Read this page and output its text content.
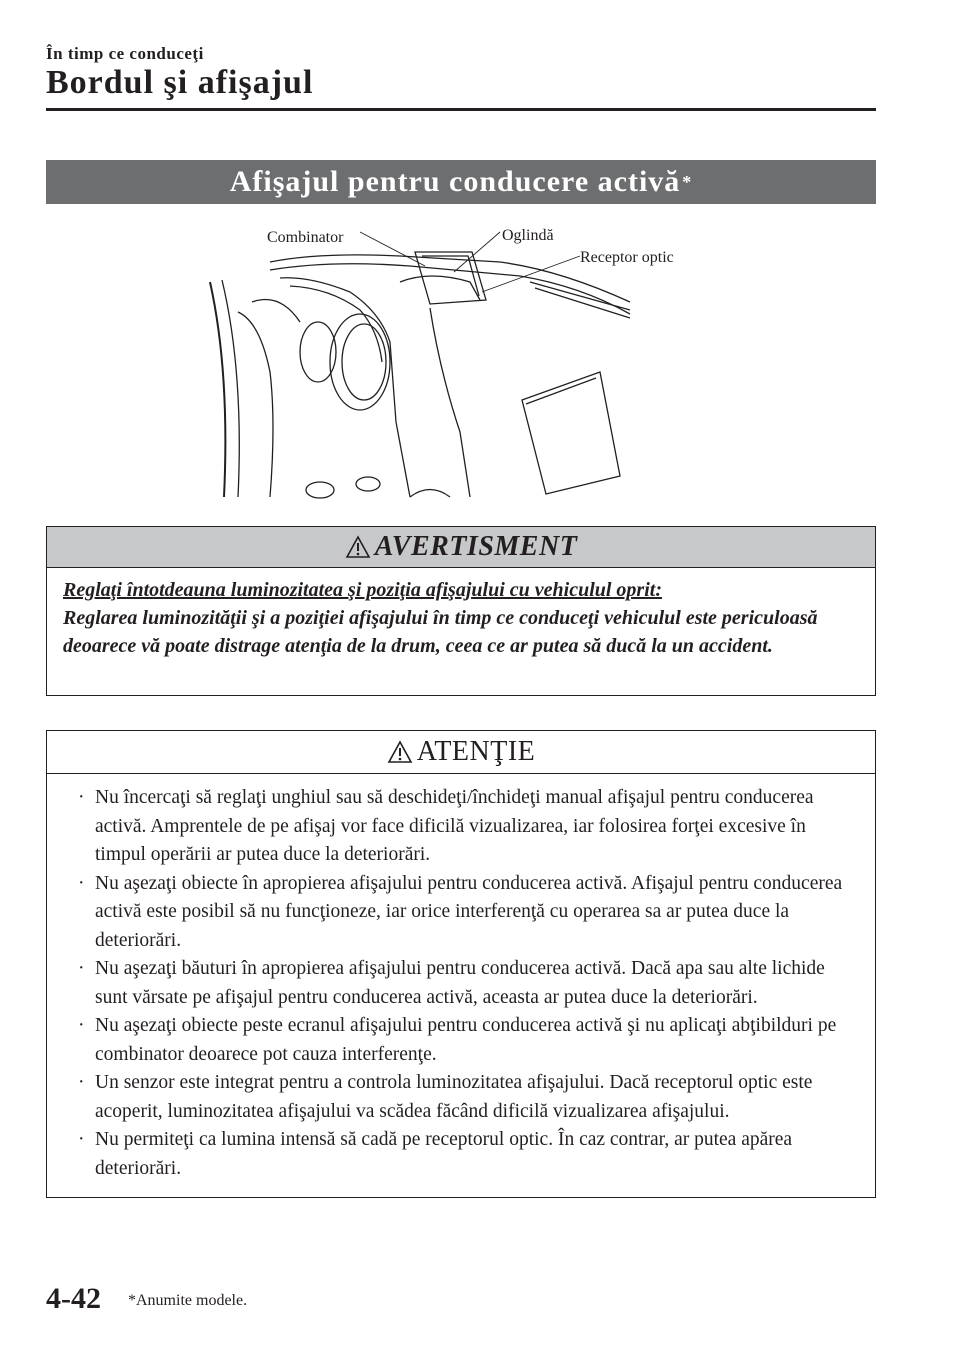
În timp ce conduceţi
Bordul şi afişajul
Afişajul pentru conducere activă *
Combinator	Oglindă
Receptor optic
AVERTISMENT

Reglaţi întotdeauna luminozitatea şi poziţia afişajului cu vehiculul oprit:
Reglarea luminozităţii şi a poziţiei afişajului în timp ce conduceţi vehiculul este periculoasă deoarece vă poate distrage atenţia de la drum, ceea ce ar putea să ducă la un accident.

ATENŢIE
· Nu încercaţi să reglaţi unghiul sau să deschideţi/închideţi manual afişajul pentru conducerea activă. Amprentele de pe afişaj vor face dificilă vizualizarea, iar folosirea forţei excesive în timpul operării ar putea duce la deteriorări.
· Nu aşezaţi obiecte în apropierea afişajului pentru conducerea activă. Afişajul pentru conducerea activă este posibil să nu funcţioneze, iar orice interferenţă cu operarea sa ar putea duce la deteriorări.
· Nu aşezaţi băuturi în apropierea afişajului pentru conducerea activă. Dacă apa sau alte lichide sunt vărsate pe afişajul pentru conducerea activă, aceasta ar putea duce la deteriorări.
· Nu aşezaţi obiecte peste ecranul afişajului pentru conducerea activă şi nu aplicaţi abţibilduri pe combinator deoarece pot cauza interferenţe.
· Un senzor este integrat pentru a controla luminozitatea afişajului. Dacă receptorul optic este acoperit, luminozitatea afişajului va scădea făcând dificilă vizualizarea afişajului.
· Nu permiteţi ca lumina intensă să cadă pe receptorul optic. În caz contrar, ar putea apărea deteriorări.
4-42 *Anumite modele.
